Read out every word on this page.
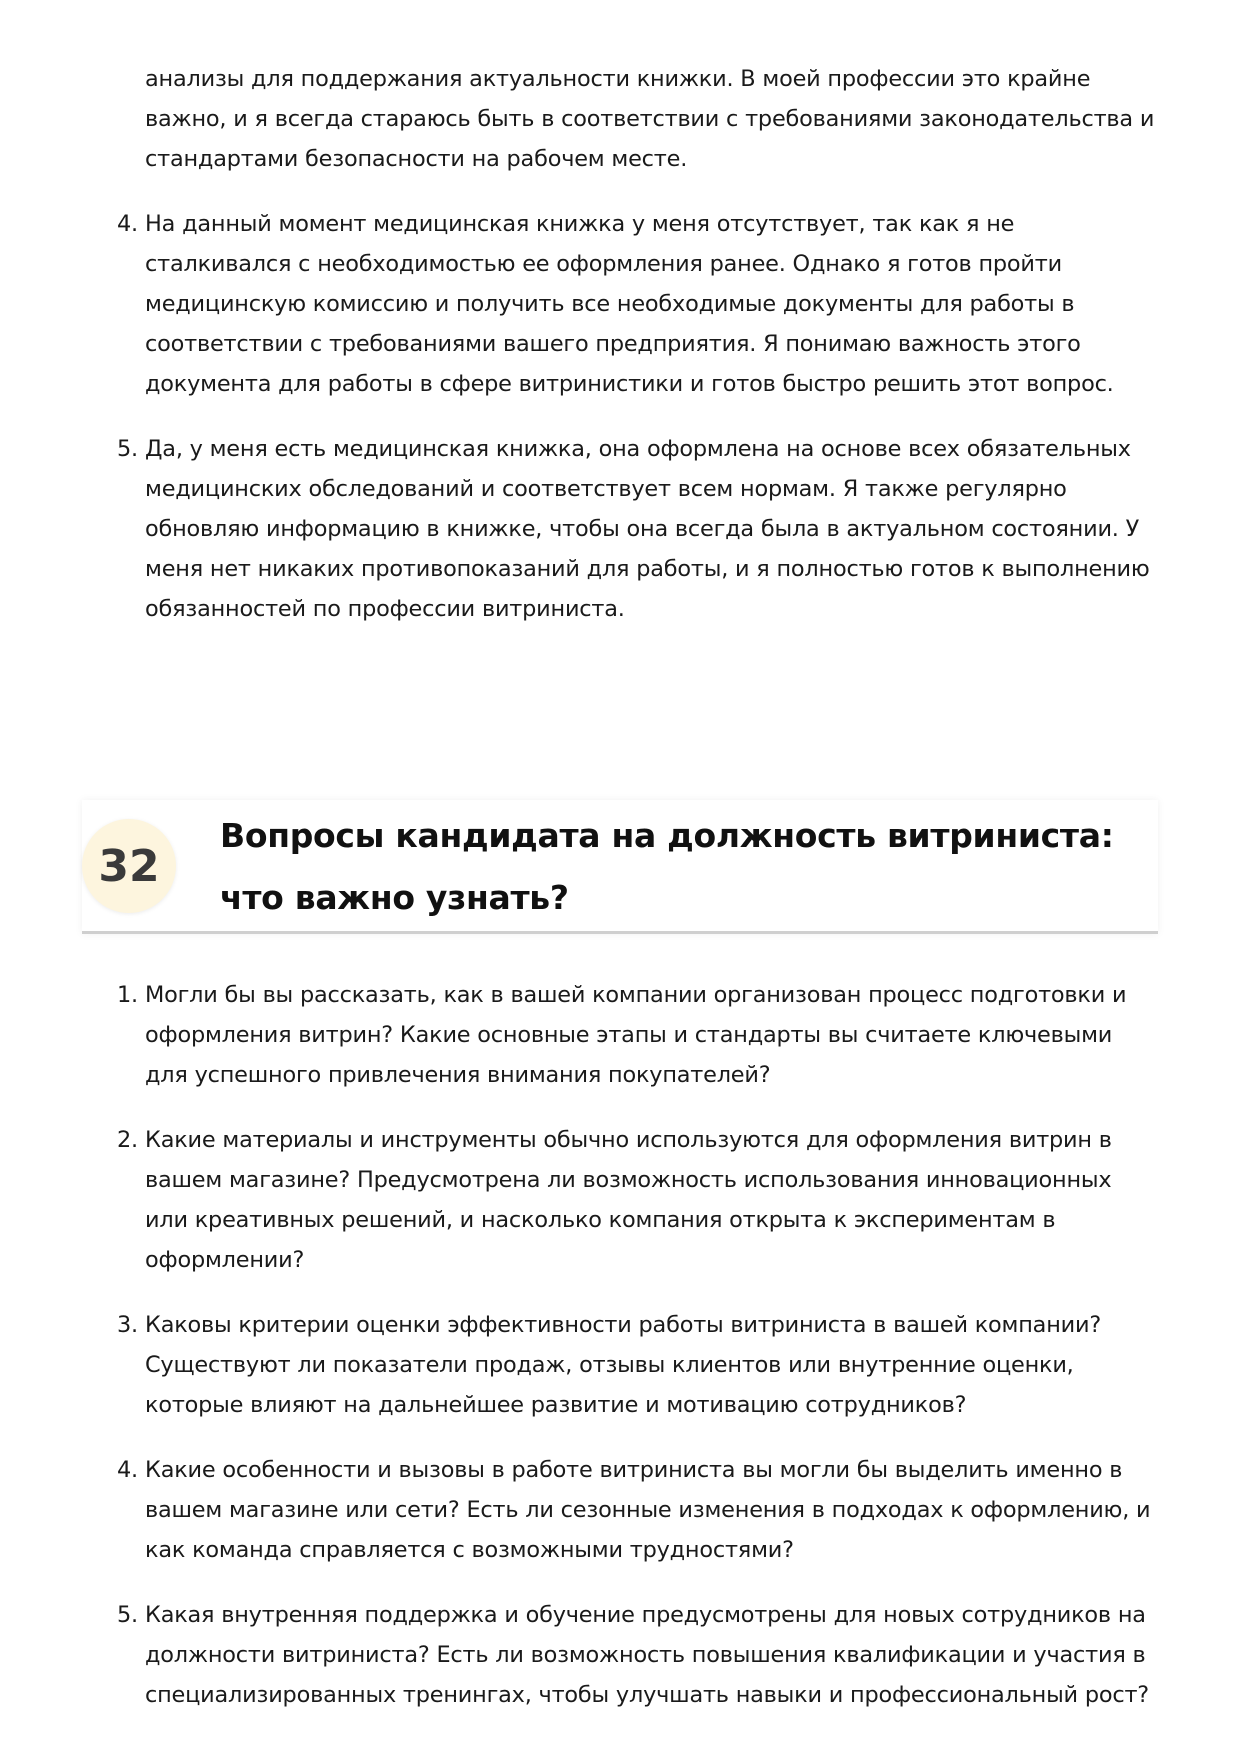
анализы для поддержания актуальности книжки. В моей профессии это крайне важно, и я всегда стараюсь быть в соответствии с требованиями законодательства и стандартами безопасности на рабочем месте.
4. На данный момент медицинская книжка у меня отсутствует, так как я не сталкивался с необходимостью ее оформления ранее. Однако я готов пройти медицинскую комиссию и получить все необходимые документы для работы в соответствии с требованиями вашего предприятия. Я понимаю важность этого документа для работы в сфере витринистики и готов быстро решить этот вопрос.
5. Да, у меня есть медицинская книжка, она оформлена на основе всех обязательных медицинских обследований и соответствует всем нормам. Я также регулярно обновляю информацию в книжке, чтобы она всегда была в актуальном состоянии. У меня нет никаких противопоказаний для работы, и я полностью готов к выполнению обязанностей по профессии витриниста.
32
Вопросы кандидата на должность витриниста: что важно узнать?
1. Могли бы вы рассказать, как в вашей компании организован процесс подготовки и оформления витрин? Какие основные этапы и стандарты вы считаете ключевыми для успешного привлечения внимания покупателей?
2. Какие материалы и инструменты обычно используются для оформления витрин в вашем магазине? Предусмотрена ли возможность использования инновационных или креативных решений, и насколько компания открыта к экспериментам в оформлении?
3. Каковы критерии оценки эффективности работы витриниста в вашей компании? Существуют ли показатели продаж, отзывы клиентов или внутренние оценки, которые влияют на дальнейшее развитие и мотивацию сотрудников?
4. Какие особенности и вызовы в работе витриниста вы могли бы выделить именно в вашем магазине или сети? Есть ли сезонные изменения в подходах к оформлению, и как команда справляется с возможными трудностями?
5. Какая внутренняя поддержка и обучение предусмотрены для новых сотрудников на должности витриниста? Есть ли возможность повышения квалификации и участия в специализированных тренингах, чтобы улучшать навыки и профессиональный рост?
